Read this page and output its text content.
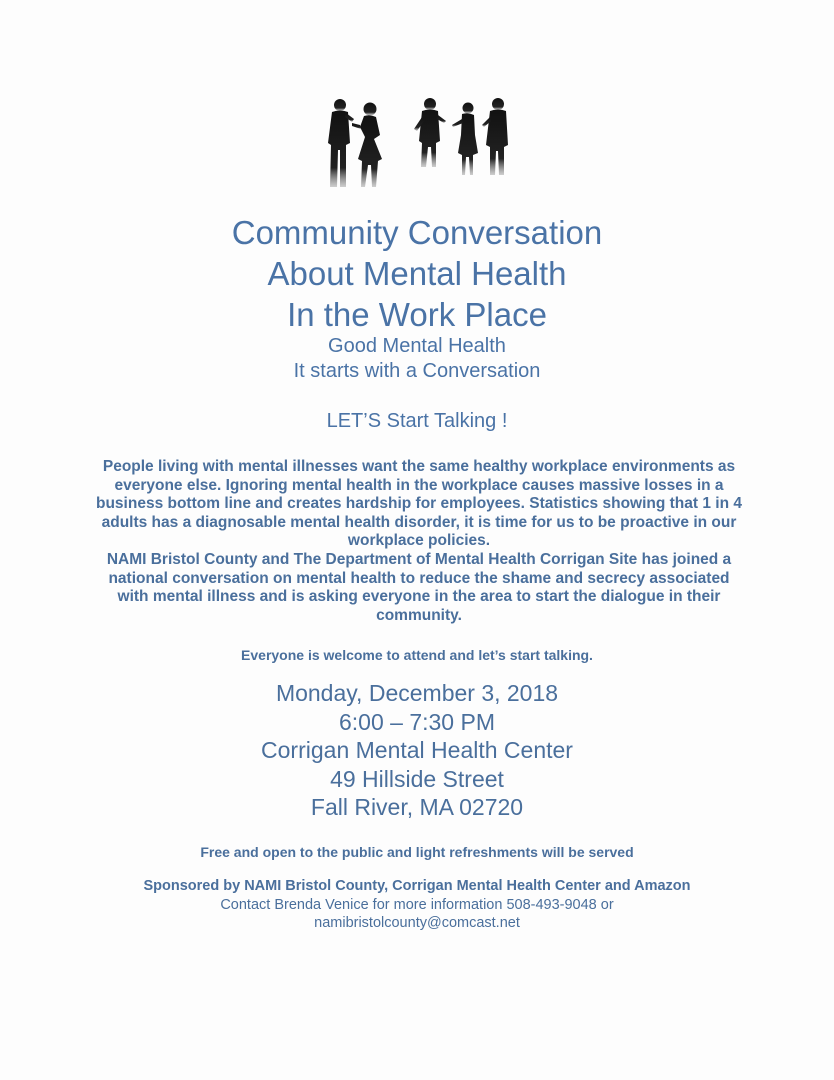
Community Conversation
About Mental Health
In the Work Place
Good Mental Health
It starts with a Conversation
LET’S Start Talking !

People living with mental illnesses want the same healthy workplace environments as everyone else. Ignoring mental health in the workplace causes massive losses in a business bottom line and creates hardship for employees. Statistics showing that 1 in 4 adults has a diagnosable mental health disorder, it is time for us to be proactive in our workplace policies.

NAMI Bristol County and The Department of Mental Health Corrigan Site has joined a national conversation on mental health to reduce the shame and secrecy associated with mental illness and is asking everyone in the area to start the dialogue in their community.

Everyone is welcome to attend and let’s start talking.
Monday, December 3, 2018
6:00 – 7:30 PM
Corrigan Mental Health Center
49 Hillside Street
Fall River, MA 02720
Free and open to the public and light refreshments will be served
Sponsored by NAMI Bristol County, Corrigan Mental Health Center and Amazon
Contact Brenda Venice for more information 508-493-9048 or
namibristolcounty@comcast.net
